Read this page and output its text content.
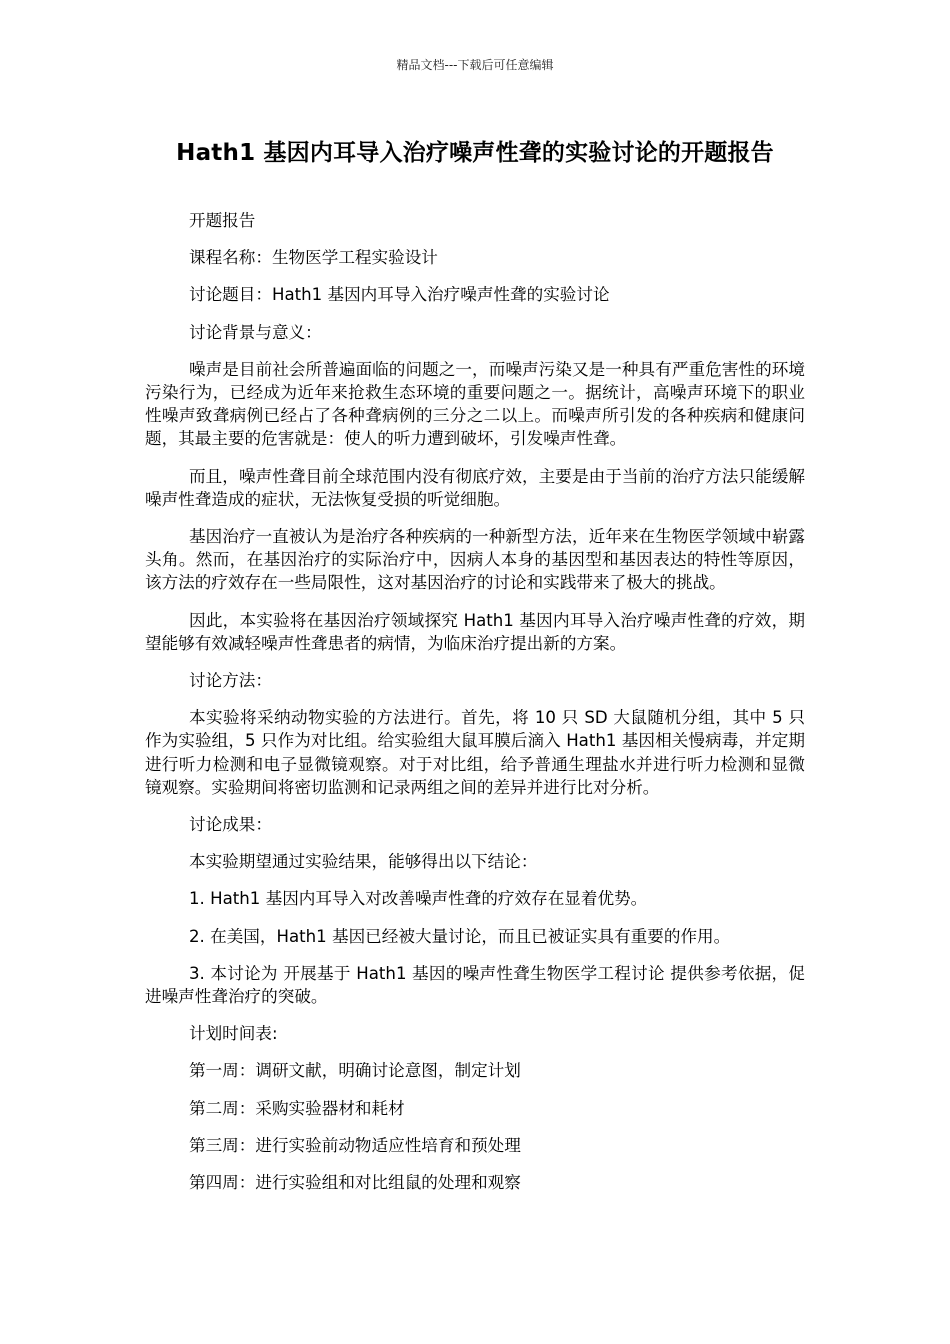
精品文档---下载后可任意编辑
Hath1 基因内耳导入治疗噪声性聋的实验讨论的开题报告

开题报告

课程名称：生物医学工程实验设计

讨论题目：Hath1 基因内耳导入治疗噪声性聋的实验讨论

讨论背景与意义：

噪声是目前社会所普遍面临的问题之一，而噪声污染又是一种具有严重危害性的环境污染行为，已经成为近年来抢救生态环境的重要问题之一。据统计，高噪声环境下的职业性噪声致聋病例已经占了各种聋病例的三分之二以上。而噪声所引发的各种疾病和健康问题，其最主要的危害就是：使人的听力遭到破坏，引发噪声性聋。

而且，噪声性聋目前全球范围内没有彻底疗效，主要是由于当前的治疗方法只能缓解噪声性聋造成的症状，无法恢复受损的听觉细胞。

基因治疗一直被认为是治疗各种疾病的一种新型方法，近年来在生物医学领域中崭露头角。然而，在基因治疗的实际治疗中，因病人本身的基因型和基因表达的特性等原因，该方法的疗效存在一些局限性，这对基因治疗的讨论和实践带来了极大的挑战。

因此，本实验将在基因治疗领域探究 Hath1 基因内耳导入治疗噪声性聋的疗效，期望能够有效减轻噪声性聋患者的病情，为临床治疗提出新的方案。

讨论方法：

本实验将采纳动物实验的方法进行。首先，将 10 只 SD 大鼠随机分组，其中 5 只作为实验组，5 只作为对比组。给实验组大鼠耳膜后滴入 Hath1 基因相关慢病毒，并定期进行听力检测和电子显微镜观察。对于对比组，给予普通生理盐水并进行听力检测和显微镜观察。实验期间将密切监测和记录两组之间的差异并进行比对分析。

讨论成果：

本实验期望通过实验结果，能够得出以下结论：

1. Hath1 基因内耳导入对改善噪声性聋的疗效存在显着优势。

2. 在美国，Hath1 基因已经被大量讨论，而且已被证实具有重要的作用。

3. 本讨论为 开展基于 Hath1 基因的噪声性聋生物医学工程讨论 提供参考依据，促进噪声性聋治疗的突破。

计划时间表:

第一周：调研文献，明确讨论意图，制定计划

第二周：采购实验器材和耗材

第三周：进行实验前动物适应性培育和预处理

第四周：进行实验组和对比组鼠的处理和观察
